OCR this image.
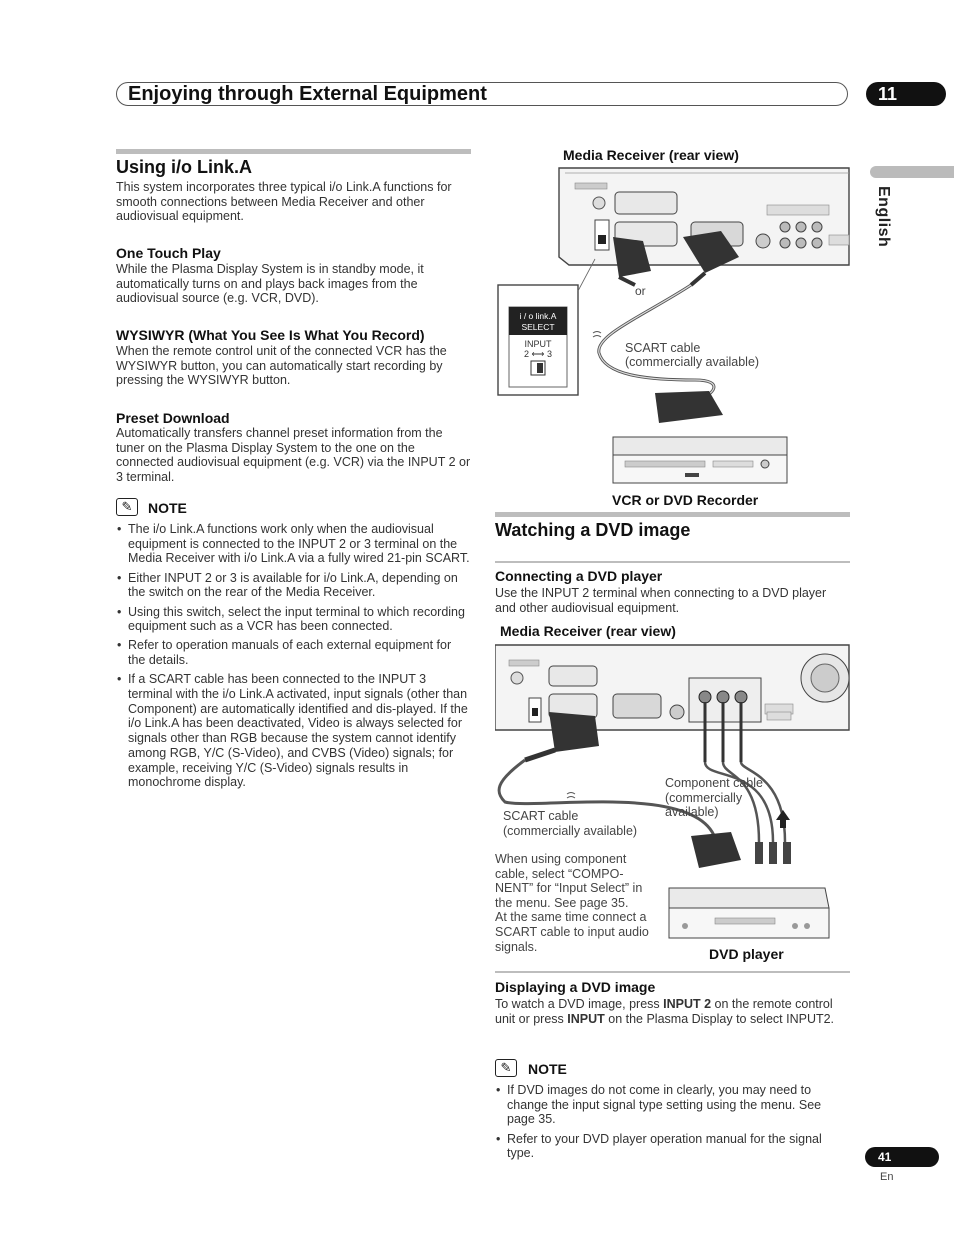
Enjoying through External Equipment	11
English
Using i/o Link.A
This system incorporates three typical i/o Link.A functions for smooth connections between Media Receiver and other audiovisual equipment.
One Touch Play
While the Plasma Display System is in standby mode, it automatically turns on and plays back images from the audiovisual source (e.g. VCR, DVD).
WYSIWYR (What You See Is What You Record)
When the remote control unit of the connected VCR has the WYSIWYR button, you can automatically start recording by pressing the WYSIWYR button.
Preset Download
Automatically transfers channel preset information from the tuner on the Plasma Display System to the one on the connected audiovisual equipment (e.g. VCR) via the INPUT 2 or 3 terminal.
✎	NOTE
• The i/o Link.A functions work only when the audiovisual equipment is connected to the INPUT 2 or 3 terminal on the Media Receiver with i/o Link.A via a fully wired 21-pin SCART.
• Either INPUT 2 or 3 is available for i/o Link.A, depending on the switch on the rear of the Media Receiver.
• Using this switch, select the input terminal to which recording equipment such as a VCR has been connected.
• Refer to operation manuals of each external equipment for the details.
• If a SCART cable has been connected to the INPUT 3 terminal with the i/o Link.A activated, input signals (other than Component) are automatically identified and dis-played. If the i/o Link.A has been deactivated, Video is always selected for signals other than RGB because the system cannot identify among RGB, Y/C (S-Video), and CVBS (Video) signals; for example, receiving Y/C (S-Video) signals results in monochrome display.
Media Receiver (rear view)
i / o link.A
SELECT
INPUT
2 ⟷ 3
or
SCART cable
(commercially available)
VCR or DVD Recorder
Watching a DVD image
Connecting a DVD player
Use the INPUT 2 terminal when connecting to a DVD player and other audiovisual equipment.
Media Receiver (rear view)
Component cable
(commercially
available)
SCART cable
(commercially available)
When using component
cable, select “COMPO-
NENT” for “Input Select” in
the menu. See page 35.
At the same time connect a
SCART cable to input audio
signals.	DVD player
Displaying a DVD image
To watch a DVD image, press INPUT 2 on the remote control unit or press INPUT on the Plasma Display to select INPUT2.
✎	NOTE
• If DVD images do not come in clearly, you may need to change the input signal type setting using the menu. See page 35.
• Refer to your DVD player operation manual for the signal type.	41
En
